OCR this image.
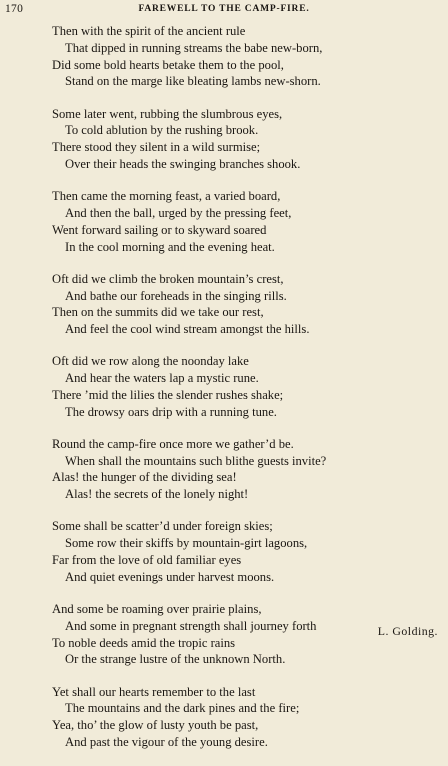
170	FAREWELL TO THE CAMP-FIRE.
Then with the spirit of the ancient rule
That dipped in running streams the babe new-born,
Did some bold hearts betake them to the pool,
Stand on the marge like bleating lambs new-shorn.
Some later went, rubbing the slumbrous eyes,
To cold ablution by the rushing brook.
There stood they silent in a wild surmise;
Over their heads the swinging branches shook.
Then came the morning feast, a varied board,
And then the ball, urged by the pressing feet,
Went forward sailing or to skyward soared
In the cool morning and the evening heat.
Oft did we climb the broken mountain’s crest,
And bathe our foreheads in the singing rills.
Then on the summits did we take our rest,
And feel the cool wind stream amongst the hills.
Oft did we row along the noonday lake
And hear the waters lap a mystic rune.
There ’mid the lilies the slender rushes shake;
The drowsy oars drip with a running tune.
Round the camp-fire once more we gather’d be.
When shall the mountains such blithe guests invite?
Alas! the hunger of the dividing sea!
Alas! the secrets of the lonely night!
Some shall be scatter’d under foreign skies;
Some row their skiffs by mountain-girt lagoons,
Far from the love of old familiar eyes
And quiet evenings under harvest moons.
And some be roaming over prairie plains,
And some in pregnant strength shall journey forth
To noble deeds amid the tropic rains
Or the strange lustre of the unknown North.
Yet shall our hearts remember to the last
The mountains and the dark pines and the fire;
Yea, tho’ the glow of lusty youth be past,
And past the vigour of the young desire.
L. Golding.
